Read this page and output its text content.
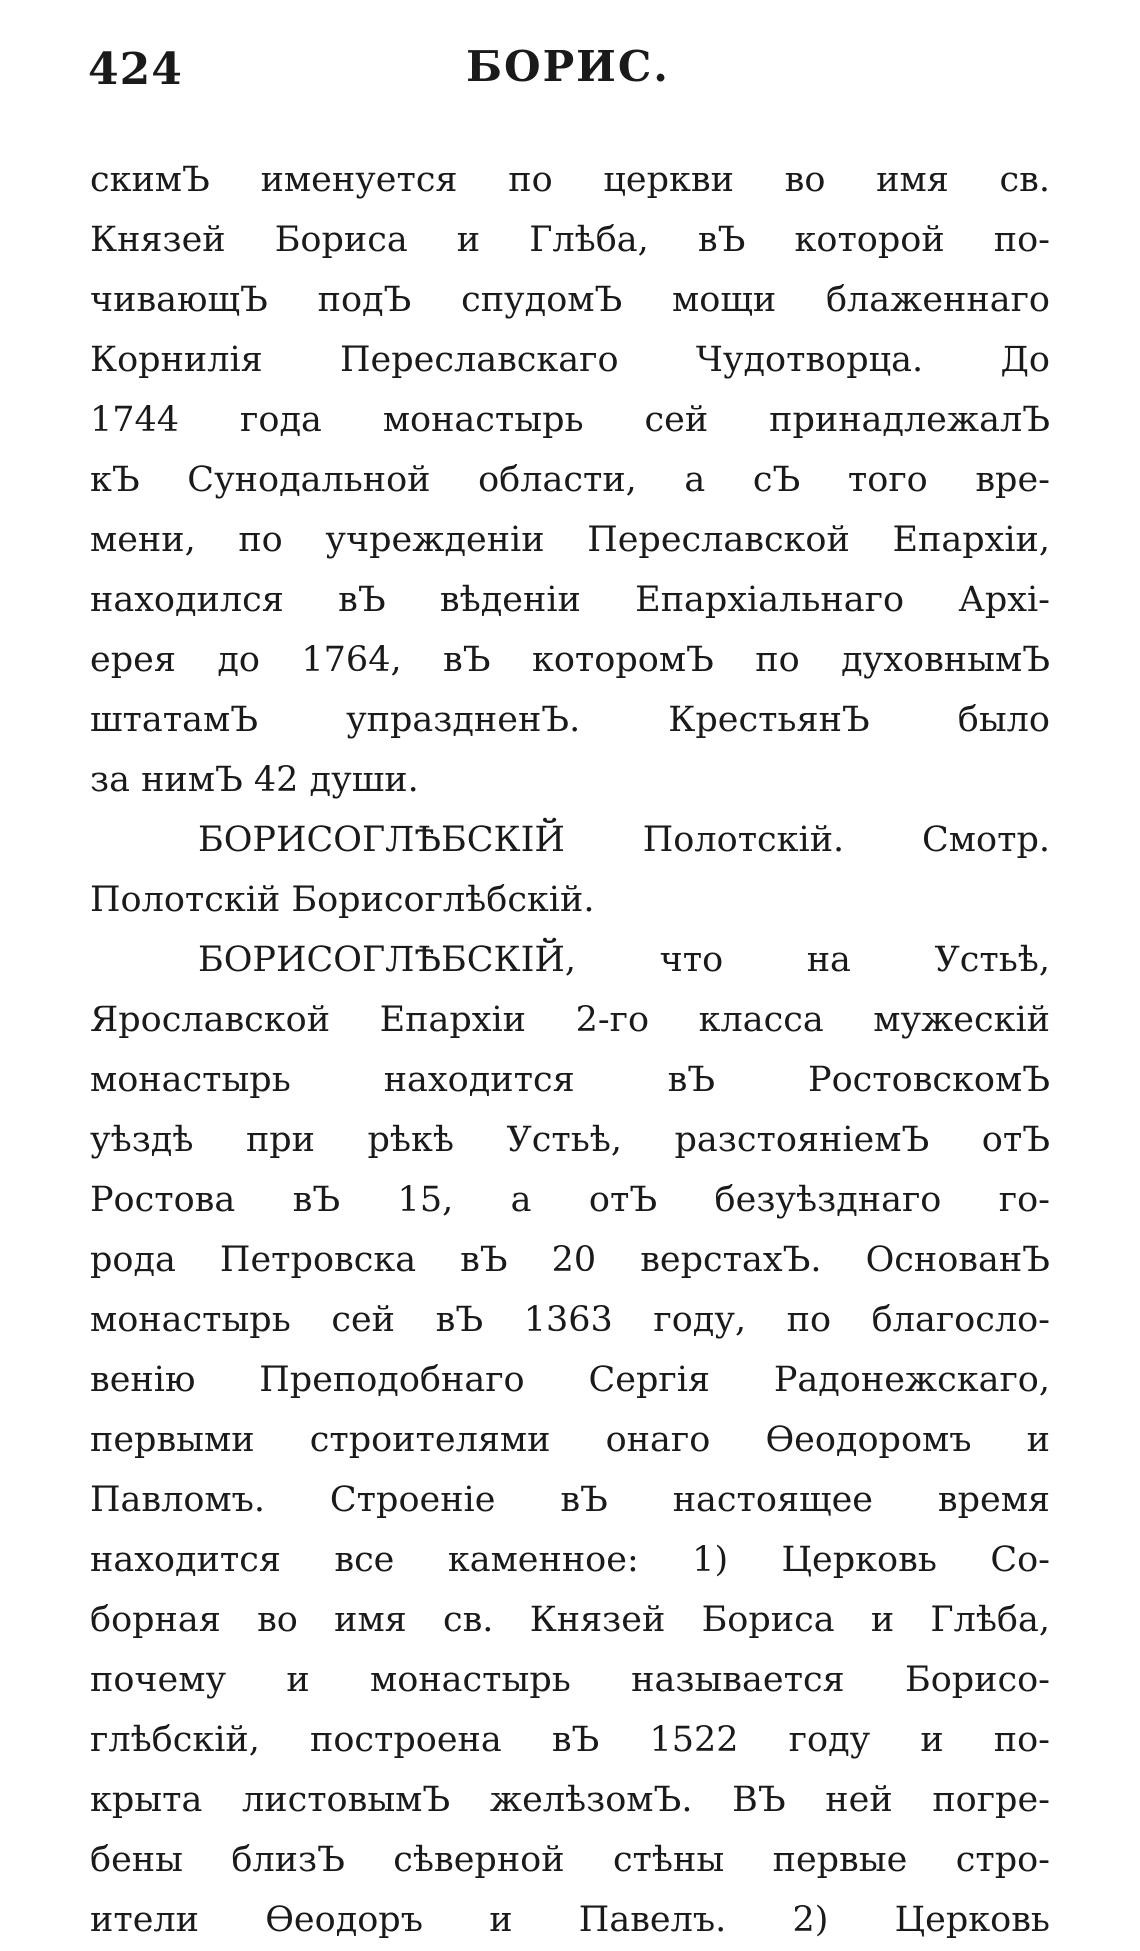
424	БОРИС.
скимЪ именуется по церкви во имя св.
Князей Бориса и Глѣба, вЪ которой по-
чивающЪ подЪ спудомЪ мощи блаженнаго
Корнилія Переславскаго Чудотворца. До
1744 года монастырь сей принадлежалЪ
кЪ Сунодальной области, а сЪ того вре-
мени, по учрежденіи Переславской Епархіи,
находился вЪ вѣденіи Епархіальнаго Архі-
ерея до 1764, вЪ которомЪ по духовнымЪ
штатамЪ упраздненЪ. КрестьянЪ было
за нимЪ 42 души.
БОРИСОГЛѢБСКІЙ Полотскій. Смотр.
Полотскій Борисоглѣбскій.
БОРИСОГЛѢБСКІЙ, что на Устьѣ,
Ярославской Епархіи 2-го класса мужескій
монастырь находится вЪ РостовскомЪ
уѣздѣ при рѣкѣ Устьѣ, разстояніемЪ отЪ
Ростова вЪ 15, а отЪ безуѣзднаго го-
рода Петровска вЪ 20 верстахЪ. ОснованЪ
монастырь сей вЪ 1363 году, по благосло-
венію Преподобнаго Сергія Радонежскаго,
первыми строителями онаго Өеодоромъ и
Павломъ. Строеніе вЪ настоящее время
находится все каменное: 1) Церковь Со-
борная во имя св. Князей Бориса и Глѣба,
почему и монастырь называется Борисо-
глѣбскій, построена вЪ 1522 году и по-
крыта листовымЪ желѣзомЪ. ВЪ ней погре-
бены близЪ сѣверной стѣны первые стро-
ители Өеодоръ и Павелъ. 2) Церковь
